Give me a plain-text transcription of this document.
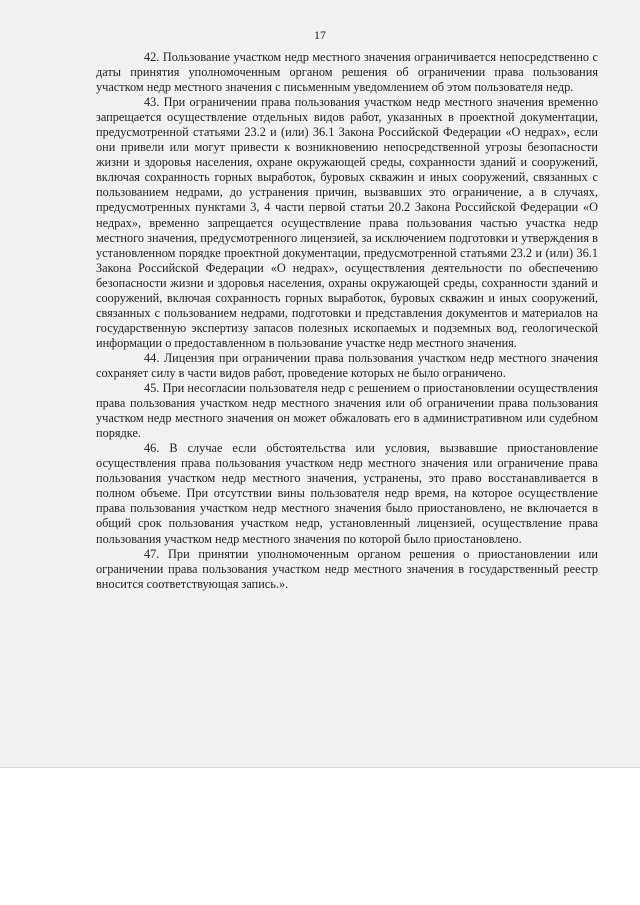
17

42. Пользование участком недр местного значения ограничивается непосредственно с даты принятия уполномоченным органом решения об ограничении права пользования участком недр местного значения с письменным уведомлением об этом пользователя недр.

43. При ограничении права пользования участком недр местного значения временно запрещается осуществление отдельных видов работ, указанных в проектной документации, предусмотренной статьями 23.2 и (или) 36.1 Закона Российской Федерации «О недрах», если они привели или могут привести к возникновению непосредственной угрозы безопасности жизни и здоровья населения, охране окружающей среды, сохранности зданий и сооружений, включая сохранность горных выработок, буровых скважин и иных сооружений, связанных с пользованием недрами, до устранения причин, вызвавших это ограничение, а в случаях, предусмотренных пунктами 3, 4 части первой статьи 20.2 Закона Российской Федерации «О недрах», временно запрещается осуществление права пользования частью участка недр местного значения, предусмотренного лицензией, за исключением подготовки и утверждения в установленном порядке проектной документации, предусмотренной статьями 23.2 и (или) 36.1 Закона Российской Федерации «О недрах», осуществления деятельности по обеспечению безопасности жизни и здоровья населения, охраны окружающей среды, сохранности зданий и сооружений, включая сохранность горных выработок, буровых скважин и иных сооружений, связанных с пользованием недрами, подготовки и представления документов и материалов на государственную экспертизу запасов полезных ископаемых и подземных вод, геологической информации о предоставленном в пользование участке недр местного значения.

44. Лицензия при ограничении права пользования участком недр местного значения сохраняет силу в части видов работ, проведение которых не было ограничено.

45. При несогласии пользователя недр с решением о приостановлении осуществления права пользования участком недр местного значения или об ограничении права пользования участком недр местного значения он может обжаловать его в административном или судебном порядке.

46. В случае если обстоятельства или условия, вызвавшие приостановление осуществления права пользования участком недр местного значения или ограничение права пользования участком недр местного значения, устранены, это право восстанавливается в полном объеме. При отсутствии вины пользователя недр время, на которое осуществление права пользования участком недр местного значения было приостановлено, не включается в общий срок пользования участком недр, установленный лицензией, осуществление права пользования участком недр местного значения по которой было приостановлено.

47. При принятии уполномоченным органом решения о приостановлении или ограничении права пользования участком недр местного значения в государственный реестр вносится соответствующая запись.».
